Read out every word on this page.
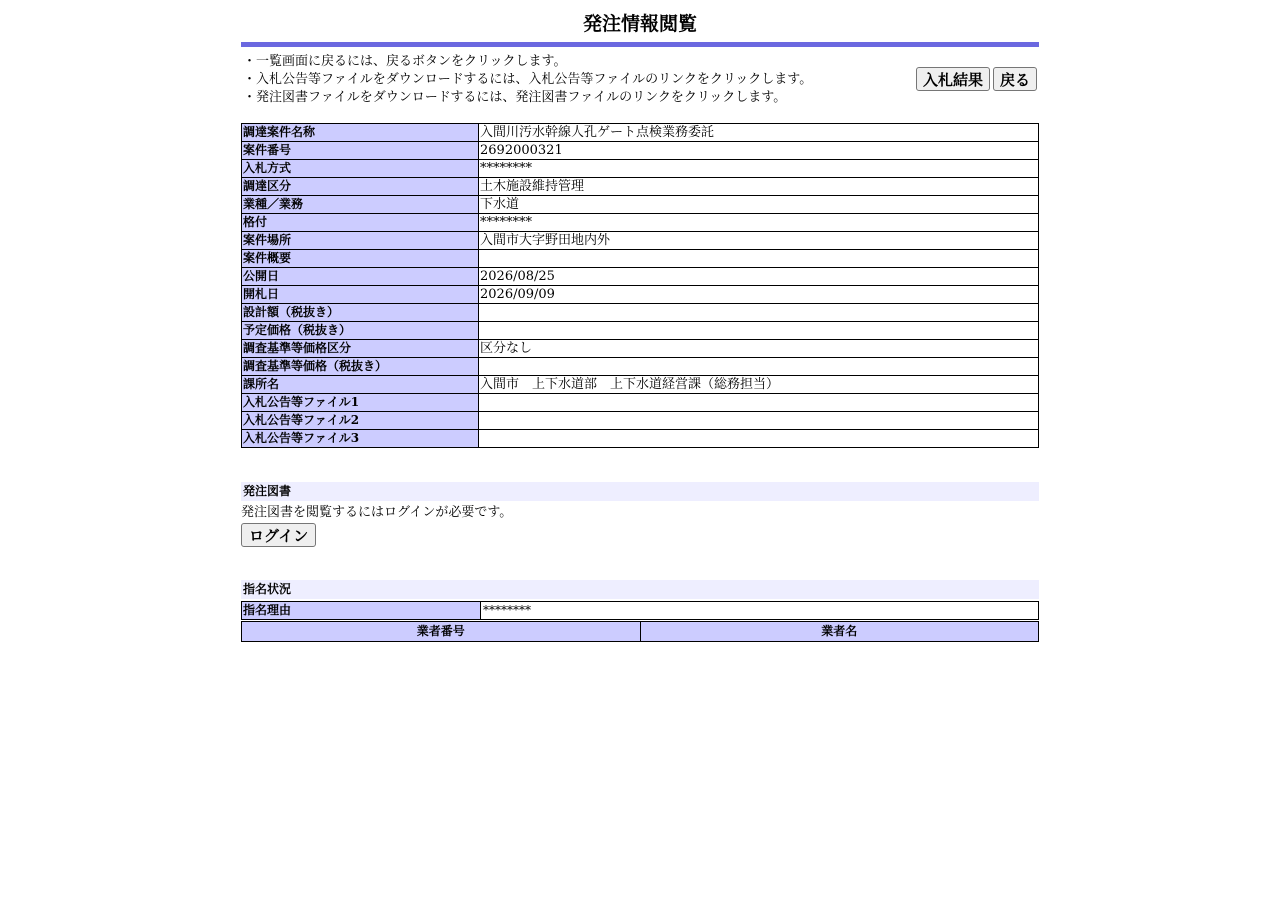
発注情報閲覧
・一覧画面に戻るには、戻るボタンをクリックします。
・入札公告等ファイルをダウンロードするには、入札公告等ファイルのリンクをクリックします。
・発注図書ファイルをダウンロードするには、発注図書ファイルのリンクをクリックします。
入札結果	戻る
調達案件名称	入間川汚水幹線人孔ゲート点検業務委託
案件番号	2692000321
入札方式	********
調達区分	土木施設維持管理
業種／業務	下水道
格付	********
案件場所	入間市大字野田地内外
案件概要	
公開日	2026/08/25
開札日	2026/09/09
設計額（税抜き）	
予定価格（税抜き）	
調査基準等価格区分	区分なし
調査基準等価格（税抜き）	
課所名	入間市　上下水道部　上下水道経営課（総務担当）
入札公告等ファイル1	
入札公告等ファイル2	
入札公告等ファイル3	
発注図書
発注図書を閲覧するにはログインが必要です。
ログイン
指名状況
指名理由	********
業者番号	業者名
